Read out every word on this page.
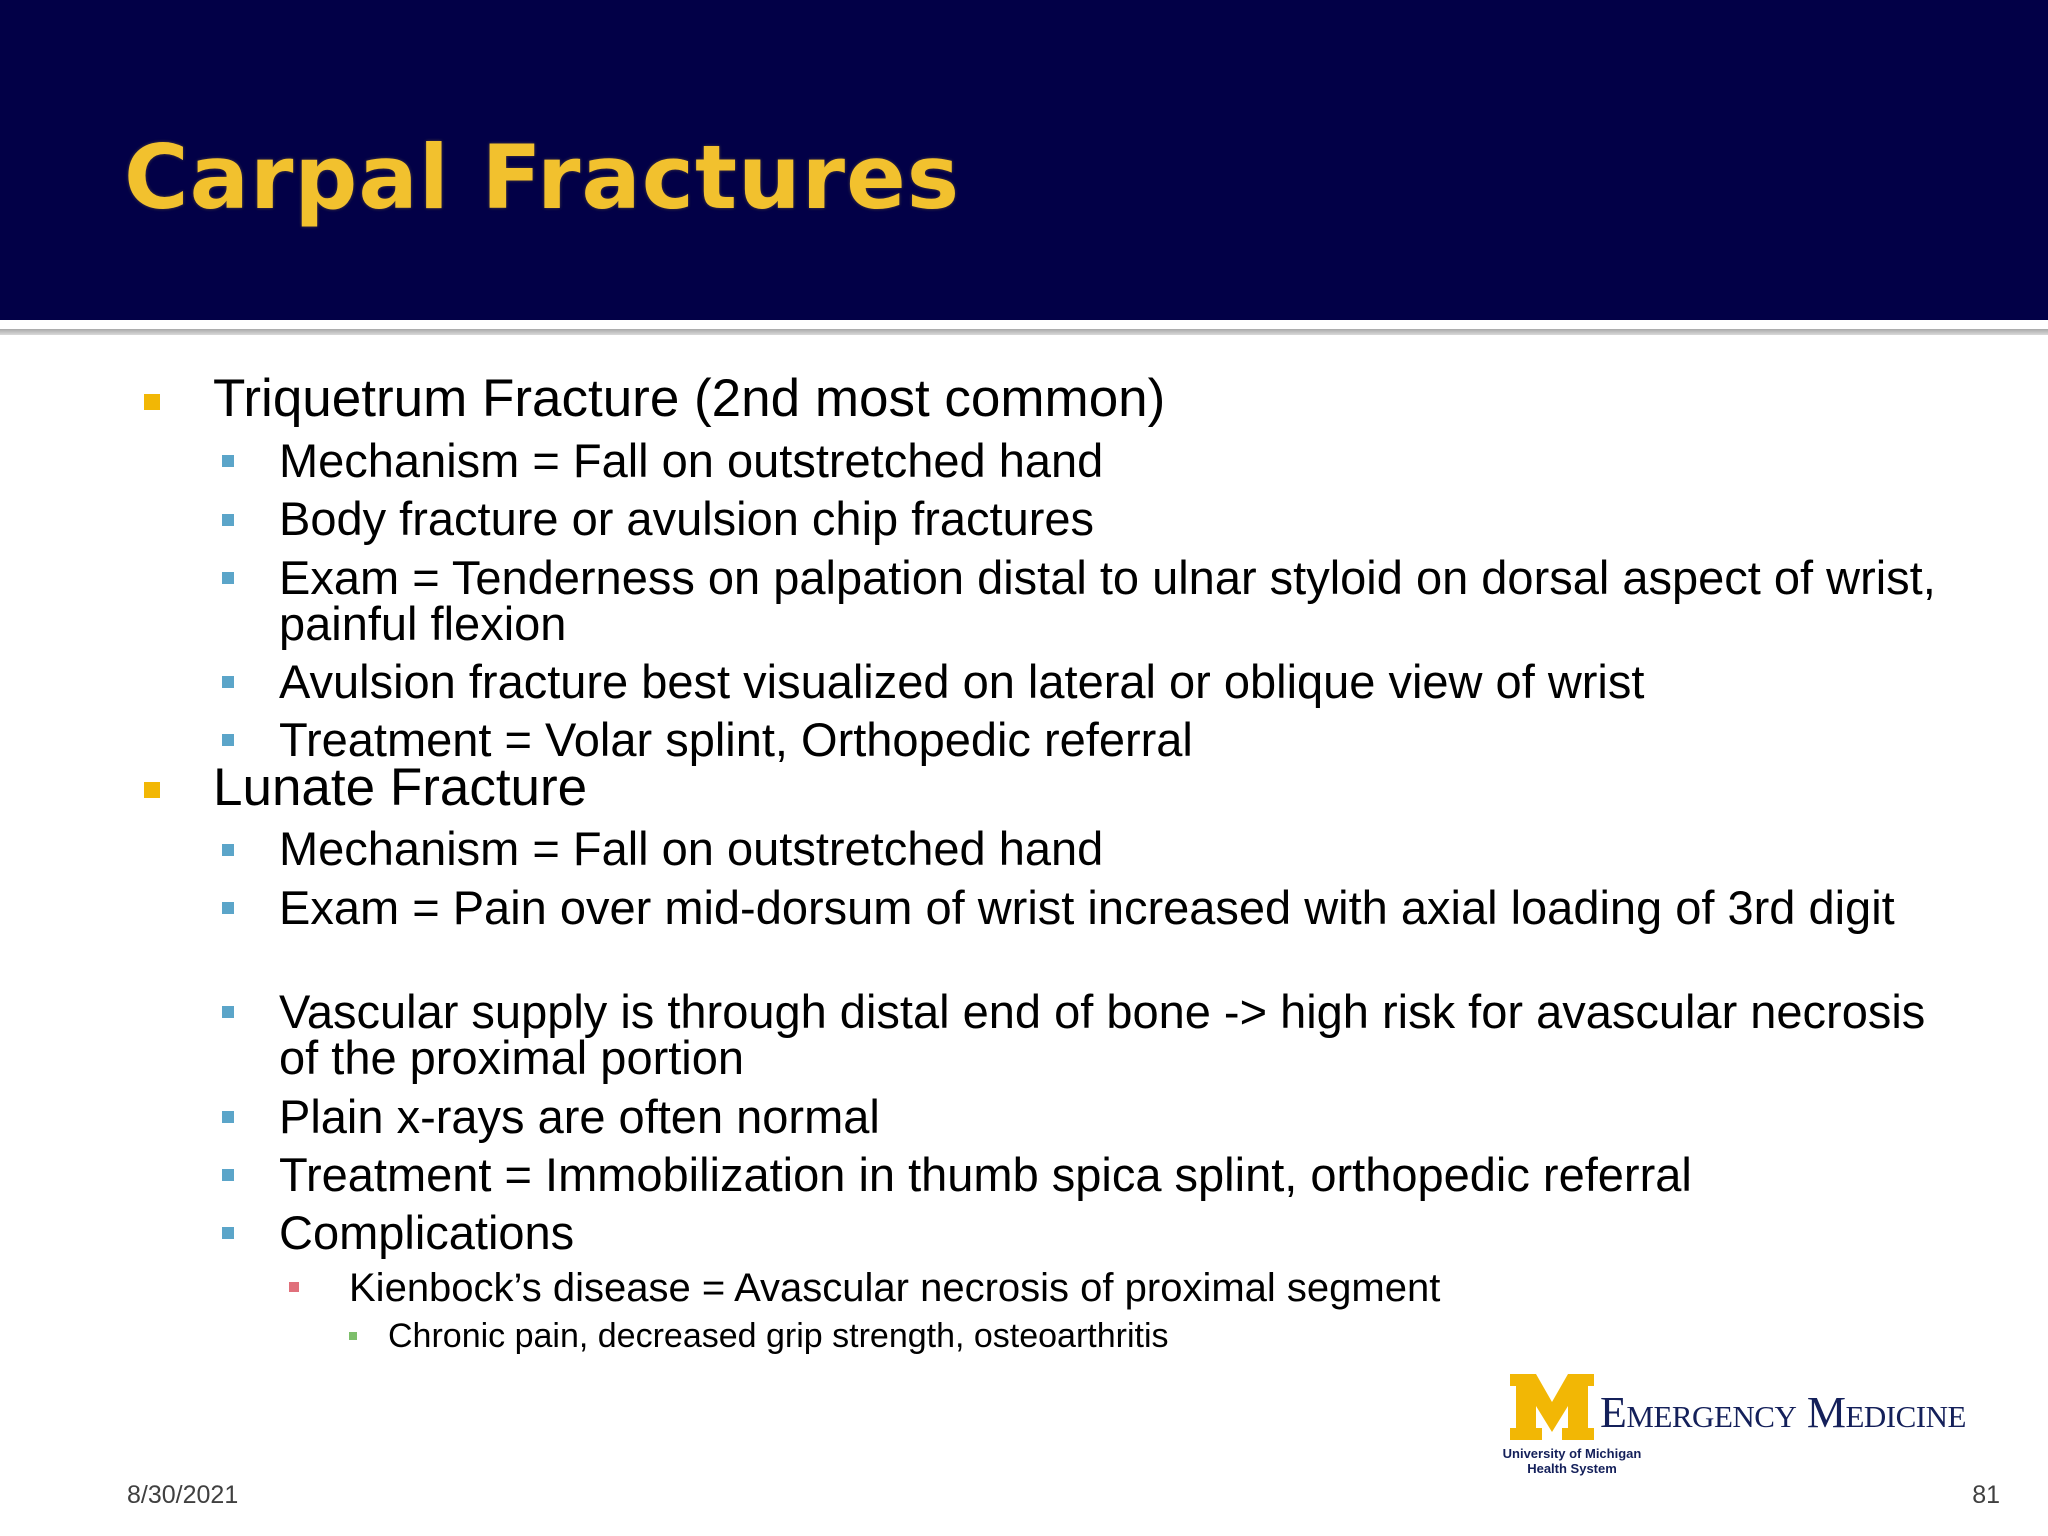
Carpal Fractures
Triquetrum Fracture (2nd most common)
Mechanism = Fall on outstretched hand
Body fracture or avulsion chip fractures
Exam = Tenderness on palpation distal to ulnar styloid on dorsal aspect of wrist, painful flexion
Avulsion fracture best visualized on lateral or oblique view of wrist
Treatment = Volar splint, Orthopedic referral
Lunate Fracture
Mechanism = Fall on outstretched hand
Exam = Pain over mid-dorsum of wrist increased with axial loading of 3rd digit
Vascular supply is through distal end of bone -> high risk for avascular necrosis of the proximal portion
Plain x-rays are often normal
Treatment = Immobilization in thumb spica splint, orthopedic referral
Complications
Kienbock’s disease = Avascular necrosis of proximal segment
Chronic pain, decreased grip strength, osteoarthritis
Emergency Medicine
University of Michigan
Health System
8/30/2021	81
